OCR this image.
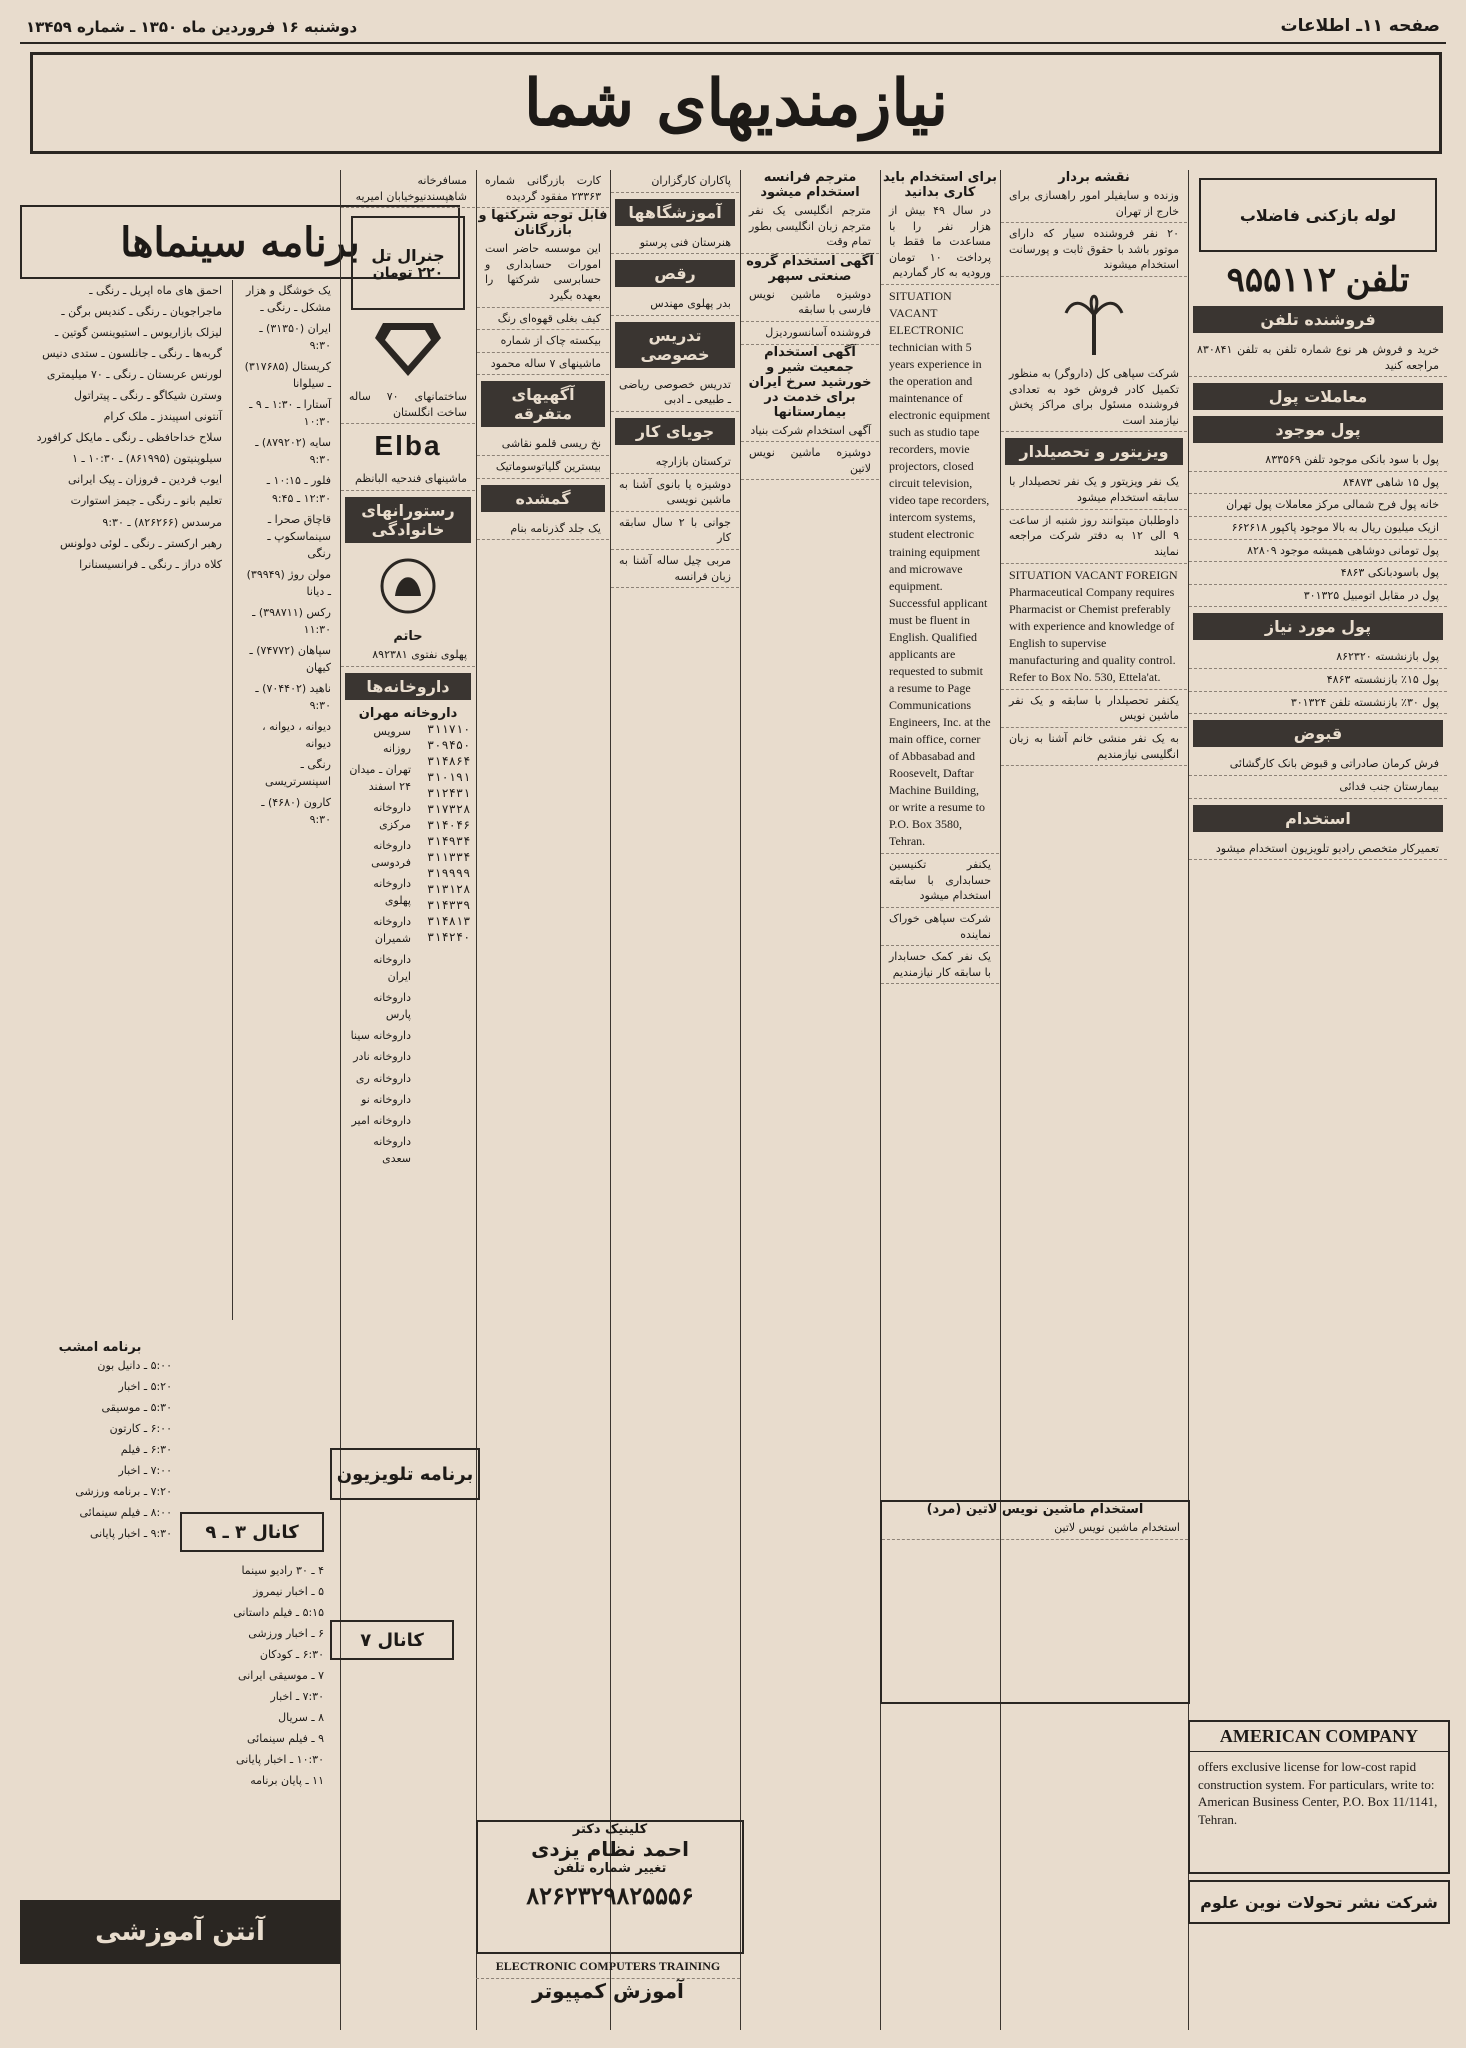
صفحه ۱۱ـ اطلاعات
دوشنبه ۱۶ فروردین ماه ۱۳۵۰ ـ شماره ۱۳۴۵۹
نیازمندیهای شما
برنامه سینماها
لوله بازکنی فاضلاب
تلفن ۹۵۵۱۱۲
فروشنده تلفن
خرید و فروش هر نوع شماره تلفن به تلفن ۸۳۰۸۴۱ مراجعه کنید
معاملات پول
پول موجود
پول با سود بانکی موجود تلفن ۸۳۳۵۶۹
پول ۱۵ شاهی ۸۴۸۷۳
خانه پول فرح شمالی مرکز معاملات پول تهران
ازیک میلیون ریال به بالا موجود پاکپور ۶۶۲۶۱۸
پول تومانی دوشاهی همیشه موجود ۸۲۸۰۹
پول باسودبانکی ۴۸۶۳
پول در مقابل اتومبیل ۳۰۱۳۲۵
پول مورد نیاز
پول بازنشسته ۸۶۲۳۲۰
پول ۱۵٪ بازنشسته ۴۸۶۳
پول ۳۰٪ بازنشسته تلفن ۳۰۱۳۲۴
قبوض
فرش کرمان صادراتی و قبوض بانک کارگشائی
بیمارستان جنب فدائی
استخدام
تعمیرکار متخصص رادیو تلویزیون استخدام میشود
نقشه بردار
وزنده و سایفیلر امور راهسازی برای خارج از تهران
۲۰ نفر فروشنده سیار که دارای موتور باشد با حقوق ثابت و پورسانت استخدام میشوند
شرکت سپاهی کل (داروگر) به منظور تکمیل کادر فروش خود به تعدادی فروشنده مسئول برای مراکز پخش نیازمند است
ویزیتور و تحصیلدار
یک نفر ویزیتور و یک نفر تحصیلدار با سابقه استخدام میشود
داوطلبان میتوانند روز شنبه از ساعت ۹ الی ۱۲ به دفتر شرکت مراجعه نمایند
SITUATION VACANT FOREIGN Pharmaceutical Company requires Pharmacist or Chemist preferably with experience and knowledge of English to supervise manufacturing and quality control. Refer to Box No. 530, Ettela'at.
یکنفر تحصیلدار با سابقه و یک نفر ماشین نویس
به یک نفر منشی خانم آشنا به زبان انگلیسی نیازمندیم
برای استخدام باید کاری بدانید
در سال ۴۹ بیش از هزار نفر را با مساعدت ما فقط با پرداخت ۱۰ تومان ورودیه به کار گماردیم
SITUATION VACANT ELECTRONIC technician with 5 years experience in the operation and maintenance of electronic equipment such as studio tape recorders, movie projectors, closed circuit television, video tape recorders, intercom systems, student electronic training equipment and microwave equipment. Successful applicant must be fluent in English. Qualified applicants are requested to submit a resume to Page Communications Engineers, Inc. at the main office, corner of Abbasabad and Roosevelt, Daftar Machine Building, or write a resume to P.O. Box 3580, Tehran.
یکنفر تکنیسین حسابداری با سابقه استخدام میشود
شرکت سپاهی خوراک نماینده
یک نفر کمک حسابدار با سابقه کار نیازمندیم
مترجم فرانسه استخدام میشود
مترجم انگلیسی یک نفر مترجم زبان انگلیسی بطور تمام وقت
آگهی استخدام گروه صنعتی سپهر
دوشیزه ماشین نویس فارسی با سابقه
فروشنده آسانسوردیزل
آگهی استخدام جمعیت شیر و خورشید سرخ ایران برای خدمت در بیمارستانها
آگهی استخدام شرکت بنیاد
دوشیزه ماشین نویس لاتین
پاکاران کارگزاران
آموزشگاهها
هنرستان فنی پرستو
رقص
بدر پهلوی مهندس
تدریس خصوصی
تدریس خصوصی ریاضی ـ طبیعی ـ ادبی
جویای کار
ترکستان بازارچه
دوشیزه یا بانوی آشنا به ماشین نویسی
جوانی با ۲ سال سابقه کار
مربی چیل ساله آشنا به زبان فرانسه
کارت بازرگانی شماره ۲۳۳۶۳ مفقود گردیده
فابل توجه شرکتها و بازرگانان
این موسسه حاضر است امورات حسابداری و حسابرسی شرکتها را بعهده بگیرد
کیف بغلی قهوه‌ای رنگ
بیکسته چاک از شماره
ماشینهای ۷ ساله محمود
آگهیهای متفرقه
نخ ریسی قلمو نقاشی
بیسترین گلیاتوسوماتیک
گمشده
یک جلد گذرنامه بنام
مسافرخانه شاهپسندنیوخیابان امیریه
جنرال تل
۲۲۰ تومان
ساختمانهای ۷۰ ساله ساخت انگلستان
Elba
ماشینهای فندحیه البانظم
رستورانهای خانوادگی
حاتم
پهلوی نفتوی ۸۹۲۳۸۱
داروخانه‌ها
داروخانه مهران
سرویس روزانه
تهران ـ میدان ۲۴ اسفند
داروخانه مرکزی
داروخانه فردوسی
داروخانه پهلوی
داروخانه شمیران
داروخانه ایران
داروخانه پارس
داروخانه سینا
داروخانه نادر
داروخانه ری
داروخانه نو
داروخانه امیر
داروخانه سعدی
۳۱۱۷۱۰
۳۰۹۴۵۰
۳۱۴۸۶۴
۳۱۰۱۹۱
۳۱۲۴۳۱
۳۱۷۳۲۸
۳۱۴۰۴۶
۳۱۴۹۳۴
۳۱۱۳۳۴
۳۱۹۹۹۹
۳۱۳۱۲۸
۳۱۴۳۳۹
۳۱۴۸۱۳
۳۱۴۲۴۰
احمق های ماه اپریل ـ رنگی ـ
ماجراجویان ـ رنگی ـ کندیس برگن ـ
لیزلک بازاریوس ـ استیوینسن گوتین ـ
گربه‌ها ـ رنگی ـ جانلسون ـ ستدی دنیس
لورنس عربستان ـ رنگی ـ ۷۰ میلیمتری
وسترن شیکاگو ـ رنگی ـ پیتراتول
آنتونی اسپیندز ـ ملک کرام
سلاح خداحافظی ـ رنگی ـ مایکل کرافورد
سیلوپنیتون (۸۶۱۹۹۵) ـ ۱۰:۳۰ ـ ۱
ایوب فردین ـ فروزان ـ پیک ایرانی
تعلیم بانو ـ رنگی ـ جیمز استوارت
مرسدس (۸۲۶۲۶۶) ـ ۹:۳۰
رهبر ارکستر ـ رنگی ـ لوئی دولونس
کلاه دراز ـ رنگی ـ فرانسیسنانرا
یک خوشگل و هزار مشکل ـ رنگی ـ
ایران (۳۱۳۵۰) ـ ۹:۳۰
کریستال (۳۱۷۶۸۵) ـ سیلوانا
آستارا ـ ۱:۳۰ ـ ۹ ـ ۱۰:۳۰
سایه (۸۷۹۲۰۲) ـ ۹:۳۰
فلور ـ ۱۰:۱۵ ـ ۱۲:۳۰ ـ ۹:۴۵
قاچاق صحرا ـ سینماسکوپ ـ رنگی
مولن روژ (۳۹۹۴۹) ـ دیانا
رکس (۳۹۸۷۱۱) ـ ۱۱:۳۰
سپاهان (۷۴۷۷۲) ـ کیهان
ناهید (۷۰۴۴۰۲) ـ ۹:۳۰
دیوانه ، دیوانه ، دیوانه
رنگی ـ اسپنسرتریسی
کارون (۴۶۸۰) ـ ۹:۳۰
برنامه تلویزیون
کانال ۳ ـ ۹
کانال ۷
برنامه امشب
۵:۰۰ ـ دانیل بون
۵:۲۰ ـ اخبار
۵:۳۰ ـ موسیقی
۶:۰۰ ـ کارتون
۶:۳۰ ـ فیلم
۷:۰۰ ـ اخبار
۷:۲۰ ـ برنامه ورزشی
۸:۰۰ ـ فیلم سینمائی
۹:۳۰ ـ اخبار پایانی
۴ ـ ۳۰ رادیو سینما
۵ ـ اخبار نیمروز
۵:۱۵ ـ فیلم داستانی
۶ ـ اخبار ورزشی
۶:۳۰ ـ کودکان
۷ ـ موسیقی ایرانی
۷:۳۰ ـ اخبار
۸ ـ سریال
۹ ـ فیلم سینمائی
۱۰:۳۰ ـ اخبار پایانی
۱۱ ـ پایان برنامه
آنتن آموزشی
کلینیک دکتر
احمد نظام یزدی
تغییر شماره تلفن
۸۲۶۲۳۲۹۸۲۵۵۵۶
ELECTRONIC COMPUTERS TRAINING
آموزش کمپیوتر
استخدام ماشین نویس لاتین (مرد)
استخدام ماشین نویس لاتین
AMERICAN COMPANY
offers exclusive license for low-cost rapid construction system. For particulars, write to: American Business Center, P.O. Box 11/1141, Tehran.
شرکت نشر تحولات نوین علوم
